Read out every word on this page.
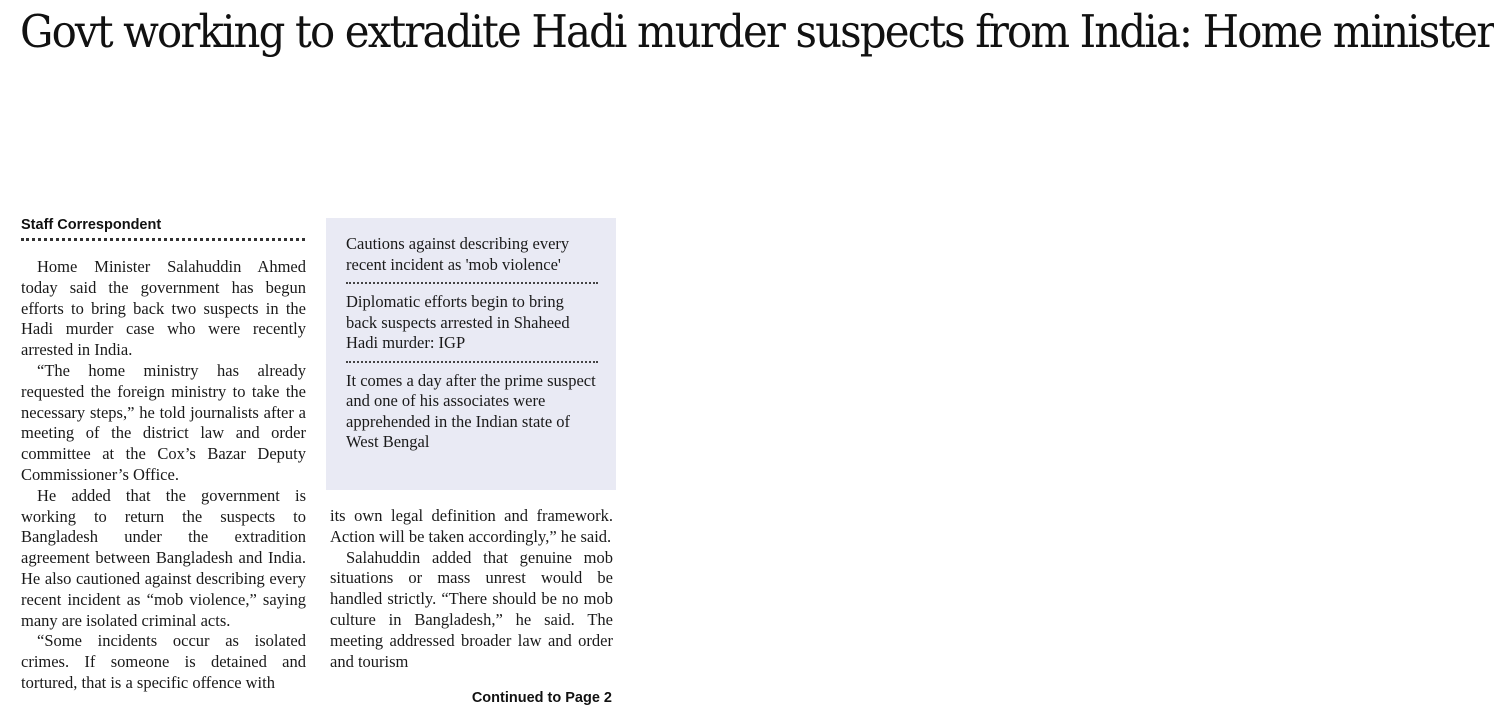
Govt working to extradite Hadi murder suspects from India: Home minister
Staff Correspondent

Home Minister Salahuddin Ahmed today said the government has begun efforts to bring back two suspects in the Hadi murder case who were recently arrested in India.

“The home ministry has already requested the foreign ministry to take the necessary steps,” he told journalists after a meeting of the district law and order committee at the Cox’s Bazar Deputy Commissioner’s Office.

He added that the government is working to return the suspects to Bangladesh under the extradition agreement between Bangladesh and India. He also cautioned against describing every recent incident as “mob violence,” saying many are isolated criminal acts.

“Some incidents occur as isolated crimes. If someone is detained and tortured, that is a specific offence with

Cautions against describing every recent incident as 'mob violence'

Diplomatic efforts begin to bring back suspects arrested in Shaheed Hadi murder: IGP

It comes a day after the prime suspect and one of his associates were apprehended in the Indian state of West Bengal

its own legal definition and framework. Action will be taken accordingly,” he said.

Salahuddin added that genuine mob situations or mass unrest would be handled strictly. “There should be no mob culture in Bangladesh,” he said. The meeting addressed broader law and order and tourism

Continued to Page 2
